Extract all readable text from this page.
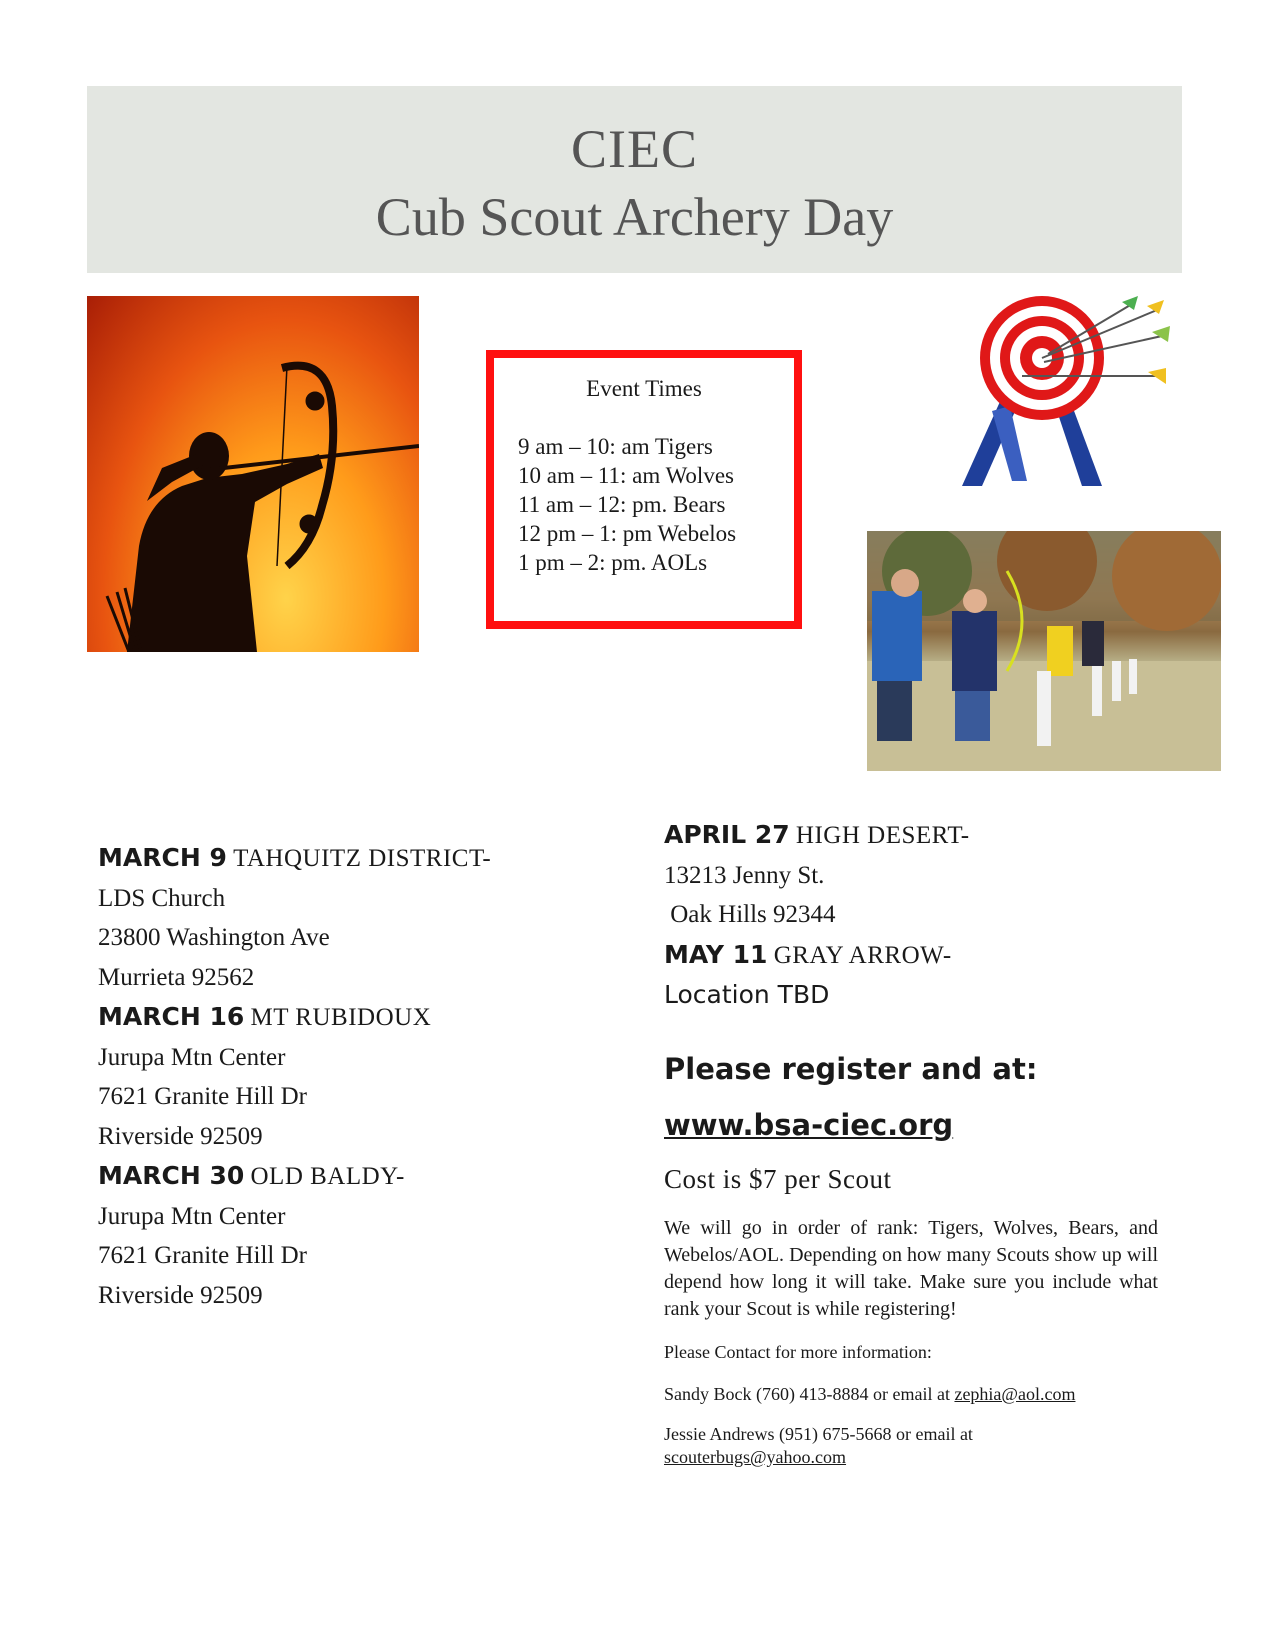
CIEC
Cub Scout Archery Day
Event Times
9 am – 10: am Tigers
10 am – 11: am Wolves
11 am – 12: pm. Bears
12 pm – 1: pm Webelos
1 pm – 2: pm. AOLs
MARCH 9 TAHQUITZ DISTRICT-
LDS Church
23800 Washington Ave
Murrieta 92562
MARCH 16 MT RUBIDOUX
Jurupa Mtn Center
7621 Granite Hill Dr
Riverside 92509
MARCH 30 OLD BALDY-
Jurupa Mtn Center
7621 Granite Hill Dr
Riverside 92509
APRIL 27 HIGH DESERT-
13213 Jenny St.
Oak Hills 92344
MAY 11 GRAY ARROW-
Location TBD
Please register and at:
www.bsa-ciec.org
Cost is $7 per Scout
We will go in order of rank: Tigers, Wolves, Bears, and Webelos/AOL. Depending on how many Scouts show up will depend how long it will take. Make sure you include what rank your Scout is while registering!
Please Contact for more information:
Sandy Bock (760) 413-8884 or email at zephia@aol.com
Jessie Andrews (951) 675-5668 or email at
scouterbugs@yahoo.com
